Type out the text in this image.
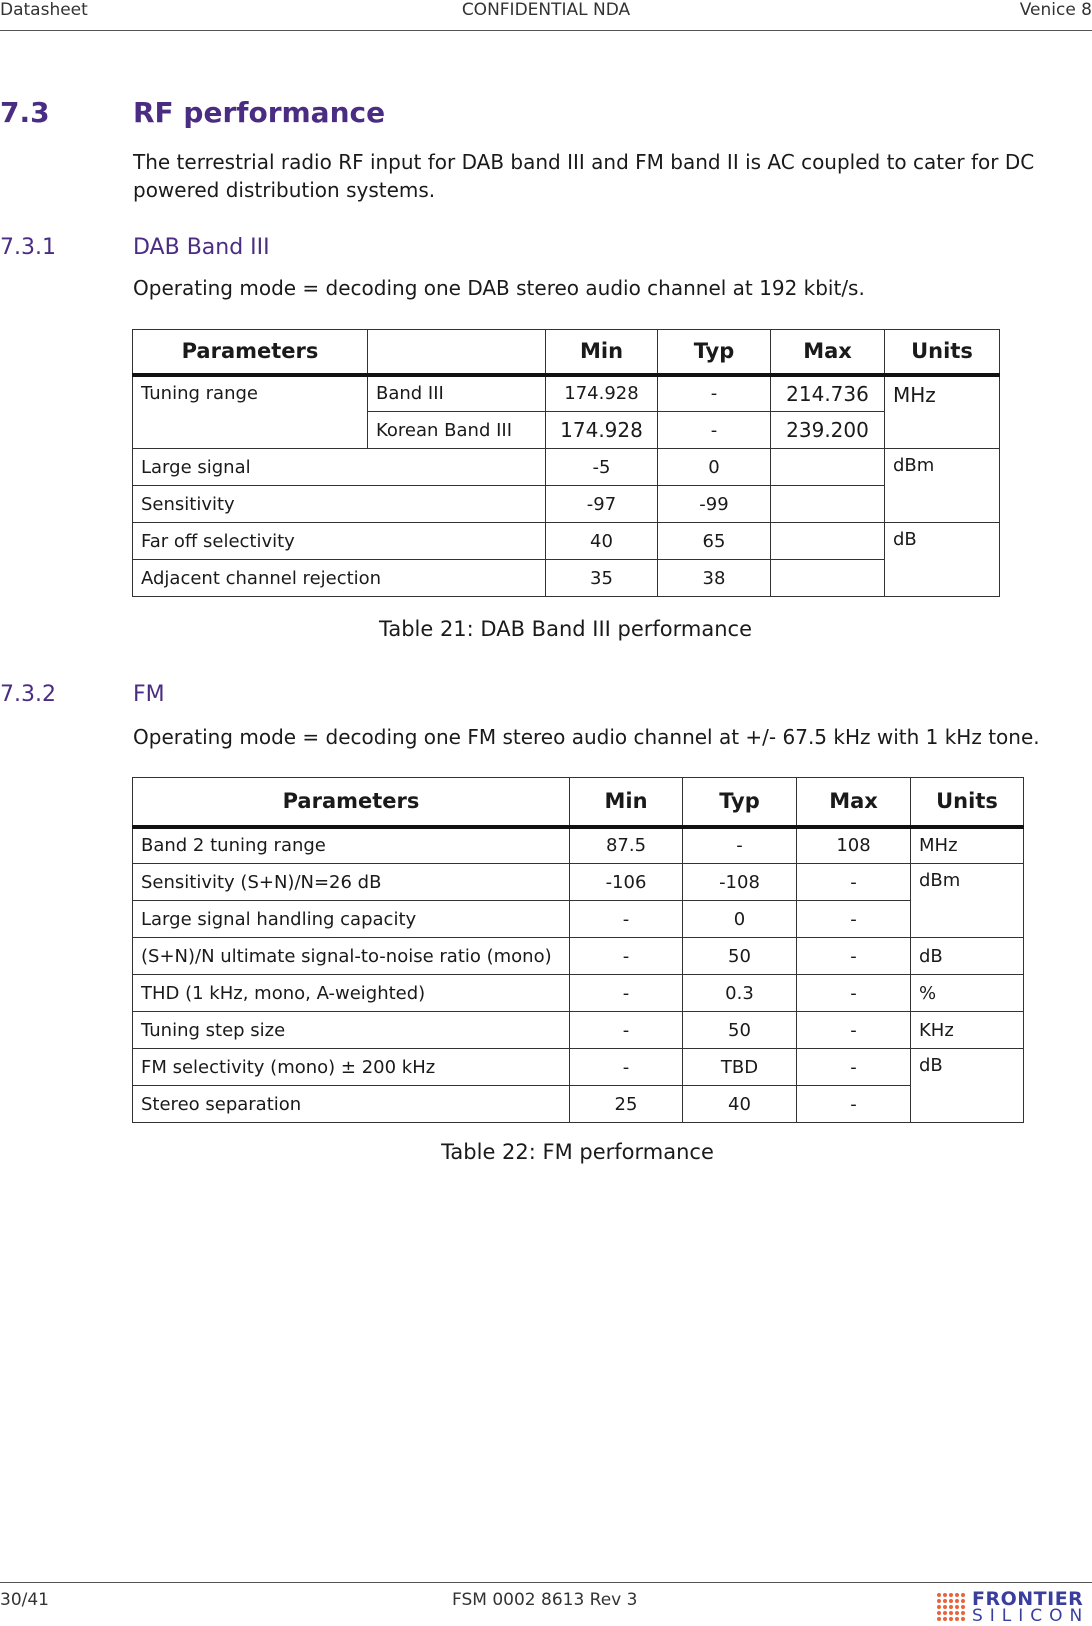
CONFIDENTIAL NDA
Datasheet	Venice 8
7.3	RF performance
The terrestrial radio RF input for DAB band III and FM band II is AC coupled to cater for DC powered distribution systems.
7.3.1	DAB Band III
Operating mode = decoding one DAB stereo audio channel at 192 kbit/s.
Parameters		Min	Typ	Max	Units
Tuning range	Band III	174.928	-	214.736	MHz
	Korean Band III	174.928	-	239.200	
Large signal		-5	0		dBm
Sensitivity		-97	-99		
Far off selectivity		40	65		dB
Adjacent channel rejection		35	38		
Table 21: DAB Band III performance
7.3.2	FM
Operating mode = decoding one FM stereo audio channel at +/- 67.5 kHz with 1 kHz tone.
Parameters	Min	Typ	Max	Units
Band 2 tuning range	87.5	-	108	MHz
Sensitivity (S+N)/N=26 dB	-106	-108	-	dBm
Large signal handling capacity	-	0	-	
(S+N)/N ultimate signal-to-noise ratio (mono)	-	50	-	dB
THD (1 kHz, mono, A-weighted)	-	0.3	-	%
Tuning step size	-	50	-	KHz
FM selectivity (mono) ± 200 kHz	-	TBD	-	dB
Stereo separation	25	40	-	
Table 22: FM performance
30/41	FSM 0002 8613 Rev 3	FRONTIER
SILICON
